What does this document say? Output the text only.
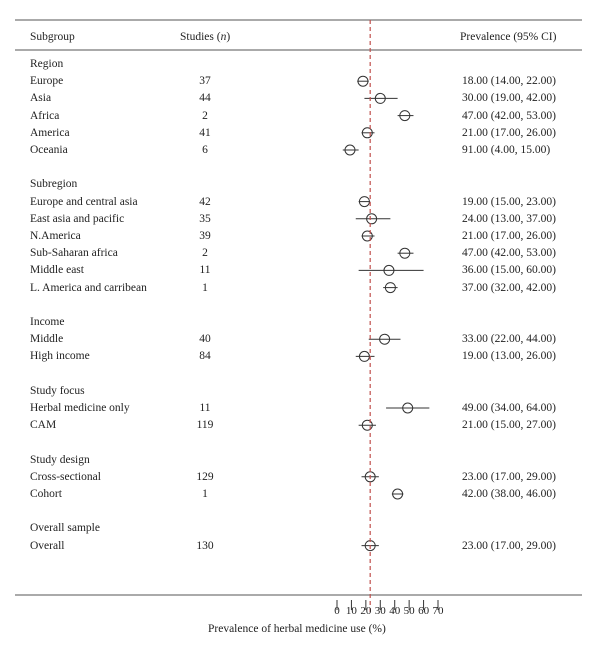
Subgroup	Studies (n)	Prevalence (95% CI)
Region
Europe	37	18.00 (14.00, 22.00)
Asia	44	30.00 (19.00, 42.00)
Africa	2	47.00 (42.00, 53.00)
America	41	21.00 (17.00, 26.00)
Oceania	6	91.00 (4.00, 15.00)
Subregion
Europe and central asia	42	19.00 (15.00, 23.00)
East asia and pacific	35	24.00 (13.00, 37.00)
N.America	39	21.00 (17.00, 26.00)
Sub-Saharan africa	2	47.00 (42.00, 53.00)
Middle east	11	36.00 (15.00, 60.00)
L. America and carribean	1	37.00 (32.00, 42.00)
Income
Middle	40	33.00 (22.00, 44.00)
High income	84	19.00 (13.00, 26.00)
Study focus
Herbal medicine only	11	49.00 (34.00, 64.00)
CAM	119	21.00 (15.00, 27.00)
Study design
Cross-sectional	129	23.00 (17.00, 29.00)
Cohort	1	42.00 (38.00, 46.00)
Overall sample
Overall	130	23.00 (17.00, 29.00)
0 10 20 30 40 50 60 70
Prevalence of herbal medicine use (%)
